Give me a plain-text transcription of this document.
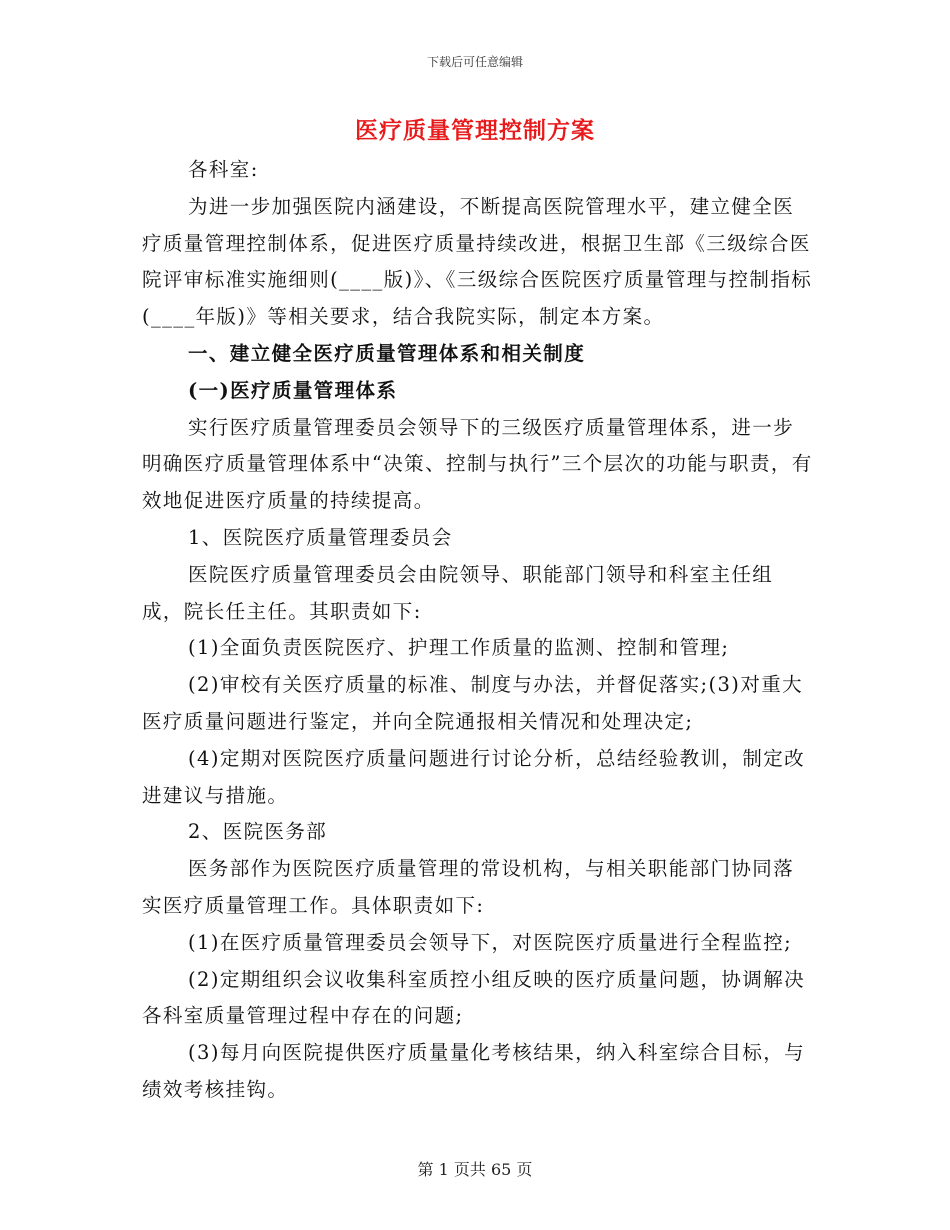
下载后可任意编辑
医疗质量管理控制方案

各科室:

为进一步加强医院内涵建设，不断提高医院管理水平，建立健全医疗质量管理控制体系，促进医疗质量持续改进，根据卫生部《三级综合医院评审标准实施细则(____版)》、《三级综合医院医疗质量管理与控制指标(____年版)》等相关要求，结合我院实际，制定本方案。

一、建立健全医疗质量管理体系和相关制度

(一)医疗质量管理体系

实行医疗质量管理委员会领导下的三级医疗质量管理体系，进一步明确医疗质量管理体系中“决策、控制与执行”三个层次的功能与职责，有效地促进医疗质量的持续提高。

1、医院医疗质量管理委员会

医院医疗质量管理委员会由院领导、职能部门领导和科室主任组成，院长任主任。其职责如下:

(1)全面负责医院医疗、护理工作质量的监测、控制和管理;

(2)审校有关医疗质量的标准、制度与办法，并督促落实;(3)对重大医疗质量问题进行鉴定，并向全院通报相关情况和处理决定;

(4)定期对医院医疗质量问题进行讨论分析，总结经验教训，制定改进建议与措施。

2、医院医务部

医务部作为医院医疗质量管理的常设机构，与相关职能部门协同落实医疗质量管理工作。具体职责如下:

(1)在医疗质量管理委员会领导下，对医院医疗质量进行全程监控;

(2)定期组织会议收集科室质控小组反映的医疗质量问题，协调解决各科室质量管理过程中存在的问题;

(3)每月向医院提供医疗质量量化考核结果，纳入科室综合目标，与绩效考核挂钩。

第 1 页共 65 页
